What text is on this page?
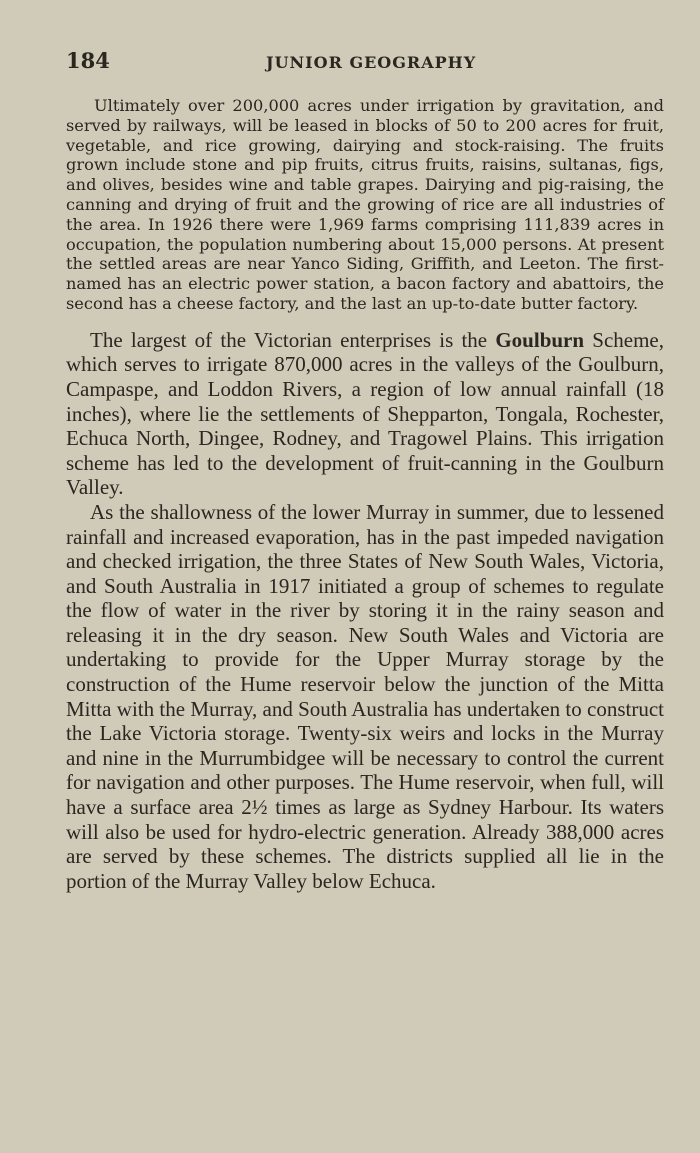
184	JUNIOR GEOGRAPHY

Ultimately over 200,000 acres under irrigation by gravitation, and served by railways, will be leased in blocks of 50 to 200 acres for fruit, vegetable, and rice growing, dairying and stock-raising. The fruits grown include stone and pip fruits, citrus fruits, raisins, sultanas, figs, and olives, besides wine and table grapes. Dairying and pig-raising, the canning and drying of fruit and the growing of rice are all industries of the area. In 1926 there were 1,969 farms comprising 111,839 acres in occupation, the population numbering about 15,000 persons. At present the settled areas are near Yanco Siding, Griffith, and Leeton. The first-named has an electric power station, a bacon factory and abattoirs, the second has a cheese factory, and the last an up-to-date butter factory.

The largest of the Victorian enterprises is the Goulburn Scheme, which serves to irrigate 870,000 acres in the valleys of the Goulburn, Campaspe, and Loddon Rivers, a region of low annual rainfall (18 inches), where lie the settlements of Shepparton, Tongala, Rochester, Echuca North, Dingee, Rodney, and Tragowel Plains. This irrigation scheme has led to the development of fruit-canning in the Goulburn Valley.

As the shallowness of the lower Murray in summer, due to lessened rainfall and increased evaporation, has in the past impeded navigation and checked irrigation, the three States of New South Wales, Victoria, and South Australia in 1917 initiated a group of schemes to regulate the flow of water in the river by storing it in the rainy season and releasing it in the dry season. New South Wales and Victoria are undertaking to provide for the Upper Murray storage by the construction of the Hume reservoir below the junction of the Mitta Mitta with the Murray, and South Australia has undertaken to construct the Lake Victoria storage. Twenty-six weirs and locks in the Murray and nine in the Murrumbidgee will be necessary to control the current for navigation and other purposes. The Hume reservoir, when full, will have a surface area 2½ times as large as Sydney Harbour. Its waters will also be used for hydro-electric generation. Already 388,000 acres are served by these schemes. The districts supplied all lie in the portion of the Murray Valley below Echuca.
